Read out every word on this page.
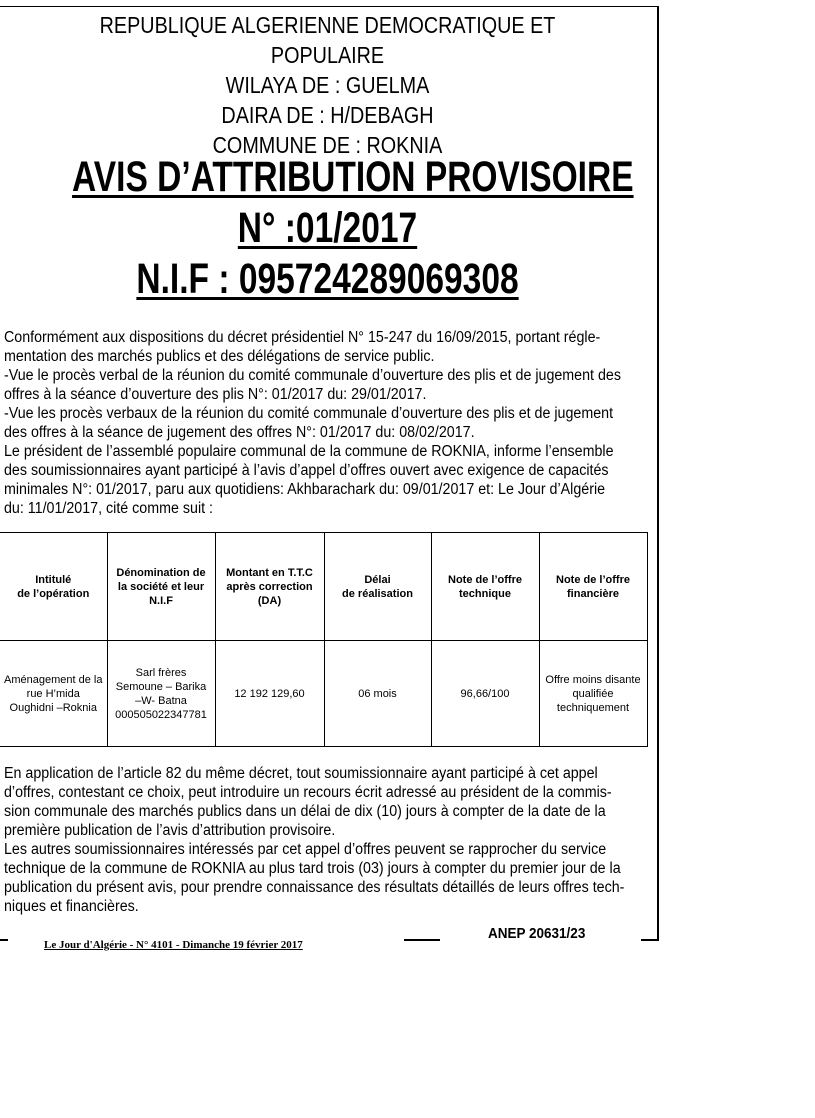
REPUBLIQUE ALGERIENNE DEMOCRATIQUE ET POPULAIRE
WILAYA DE : GUELMA
DAIRA DE : H/DEBAGH
COMMUNE DE : ROKNIA
AVIS D’ATTRIBUTION PROVISOIRE
N° :01/2017
N.I.F : 095724289069308

Conformément aux dispositions du décret présidentiel N° 15-247 du 16/09/2015, portant régle-

mentation des marchés publics et des délégations de service public.

-Vue le procès verbal de la réunion du comité communale d’ouverture des plis et de jugement des

offres à la séance d’ouverture des plis N°: 01/2017 du: 29/01/2017.

-Vue les procès verbaux de la réunion du comité communale d’ouverture des plis et de jugement

des offres à la séance de jugement des offres N°: 01/2017 du: 08/02/2017.

Le président de l’assemblé populaire communal de la commune de ROKNIA, informe l’ensemble

des soumissionnaires ayant participé à l’avis d’appel d’offres ouvert avec exigence de capacités

minimales N°: 01/2017, paru aux quotidiens: Akhbarachark du: 09/01/2017 et: Le Jour d’Algérie

du: 11/01/2017, cité comme suit :

Intitulé
de l’opération	Dénomination de
la société et leur
N.I.F	Montant en T.T.C
après correction
(DA)	Délai
de réalisation	Note de l’offre
technique	Note de l’offre
financière
Aménagement de la
rue H’mida
Oughidni –Roknia	Sarl frères
Semoune – Barika
–W- Batna
000505022347781	12 192 129,60	06 mois	96,66/100	Offre moins disante
qualifiée
techniquement

En application de l’article 82 du même décret, tout soumissionnaire ayant participé à cet appel

d’offres, contestant ce choix, peut introduire un recours écrit adressé au président de la commis-

sion communale des marchés publics dans un délai de dix (10) jours à compter de la date de la

première publication de l’avis d’attribution provisoire.

Les autres soumissionnaires intéressés par cet appel d’offres peuvent se rapprocher du service

technique de la commune de ROKNIA au plus tard trois (03) jours à compter du premier jour de la

publication du présent avis, pour prendre connaissance des résultats détaillés de leurs offres tech-

niques et financières.

ANEP 20631/23
Le Jour d'Algérie - N° 4101 - Dimanche 19 février 2017
